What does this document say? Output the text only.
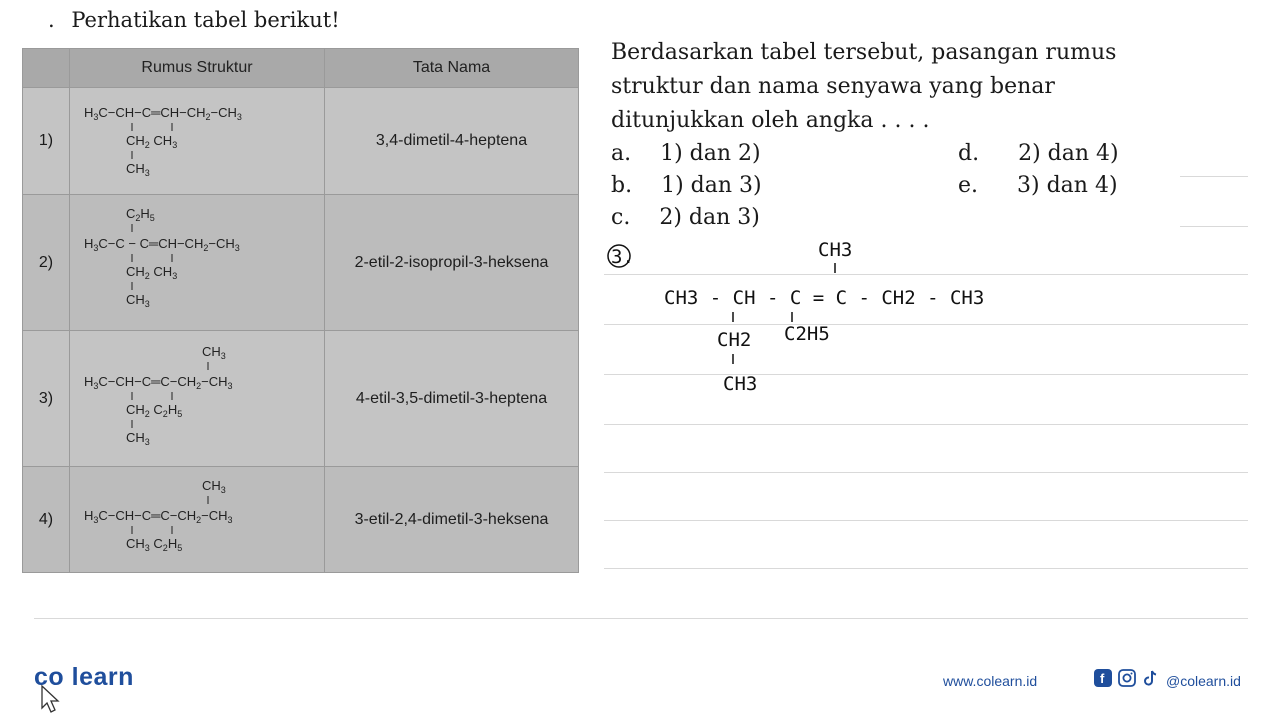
. Perhatikan tabel berikut!
	Rumus Struktur	Tata Nama
1)	$H_3C-CH-C═CH-CH_2-CH_3$
$CH_2$ $CH_3$
$CH_3$	3,4-dimetil-4-heptena
2)	$C_2H_5$
$H_3C-C$ − $C═CH-CH_2-CH_3$
$CH_2$ $CH_3$
$CH_3$	2-etil-2-isopropil-3-heksena
3)	$CH_3$
$H_3C-CH-C═C-CH_2-CH_3$
$CH_2$ $C_2H_5$
$CH_3$	4-etil-3,5-dimetil-3-heptena
4)	$CH_3$
$H_3C-CH-C═C-CH_2-CH_3$
$CH_3$ $C_2H_5$	3-etil-2,4-dimetil-3-heksena
Berdasarkan tabel tersebut, pasangan rumus struktur dan nama senyawa yang benar ditunjukkan oleh angka . . . .
a. 1) dan 2)
b. 1) dan 3)
c. 2) dan 3)
d. 2) dan 4)
e. 3) dan 4)
3.	CH3
CH3 - CH - C = C - CH2 - CH3
CH2 C2H5
CH3
co learn	www.colearn.id	f	@colearn.id
